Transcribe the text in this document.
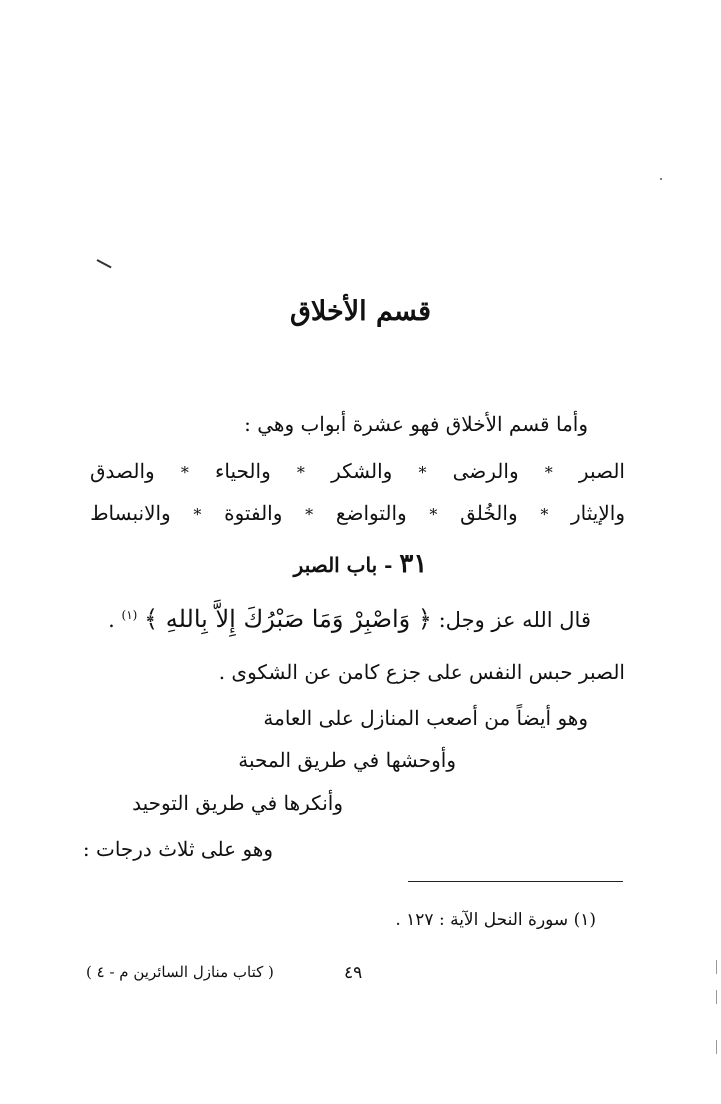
قسم الأخلاق
وأما قسم الأخلاق فهو عشرة أبواب وهي :
الصبر
*
والرضى
*
والشكر
*
والحياء
*
والصدق
والإيثار
*
والخُلق
*
والتواضع
*
والفتوة
*
والانبساط
٣١ - باب الصبر
قال الله عز وجل: ﴿ وَاصْبِرْ وَمَا صَبْرُكَ إِلاَّ بِاللهِ ﴾ $^{(١)}$ .
الصبر حبس النفس على جزع كامن عن الشكوى .
وهو أيضاً من أصعب المنازل على العامة
وأوحشها في طريق المحبة
وأنكرها في طريق التوحيد
وهو على ثلاث درجات :
(١) سورة النحل الآية : ١٢٧ .
٤٩
( كتاب منازل السائرين م - ٤ )
